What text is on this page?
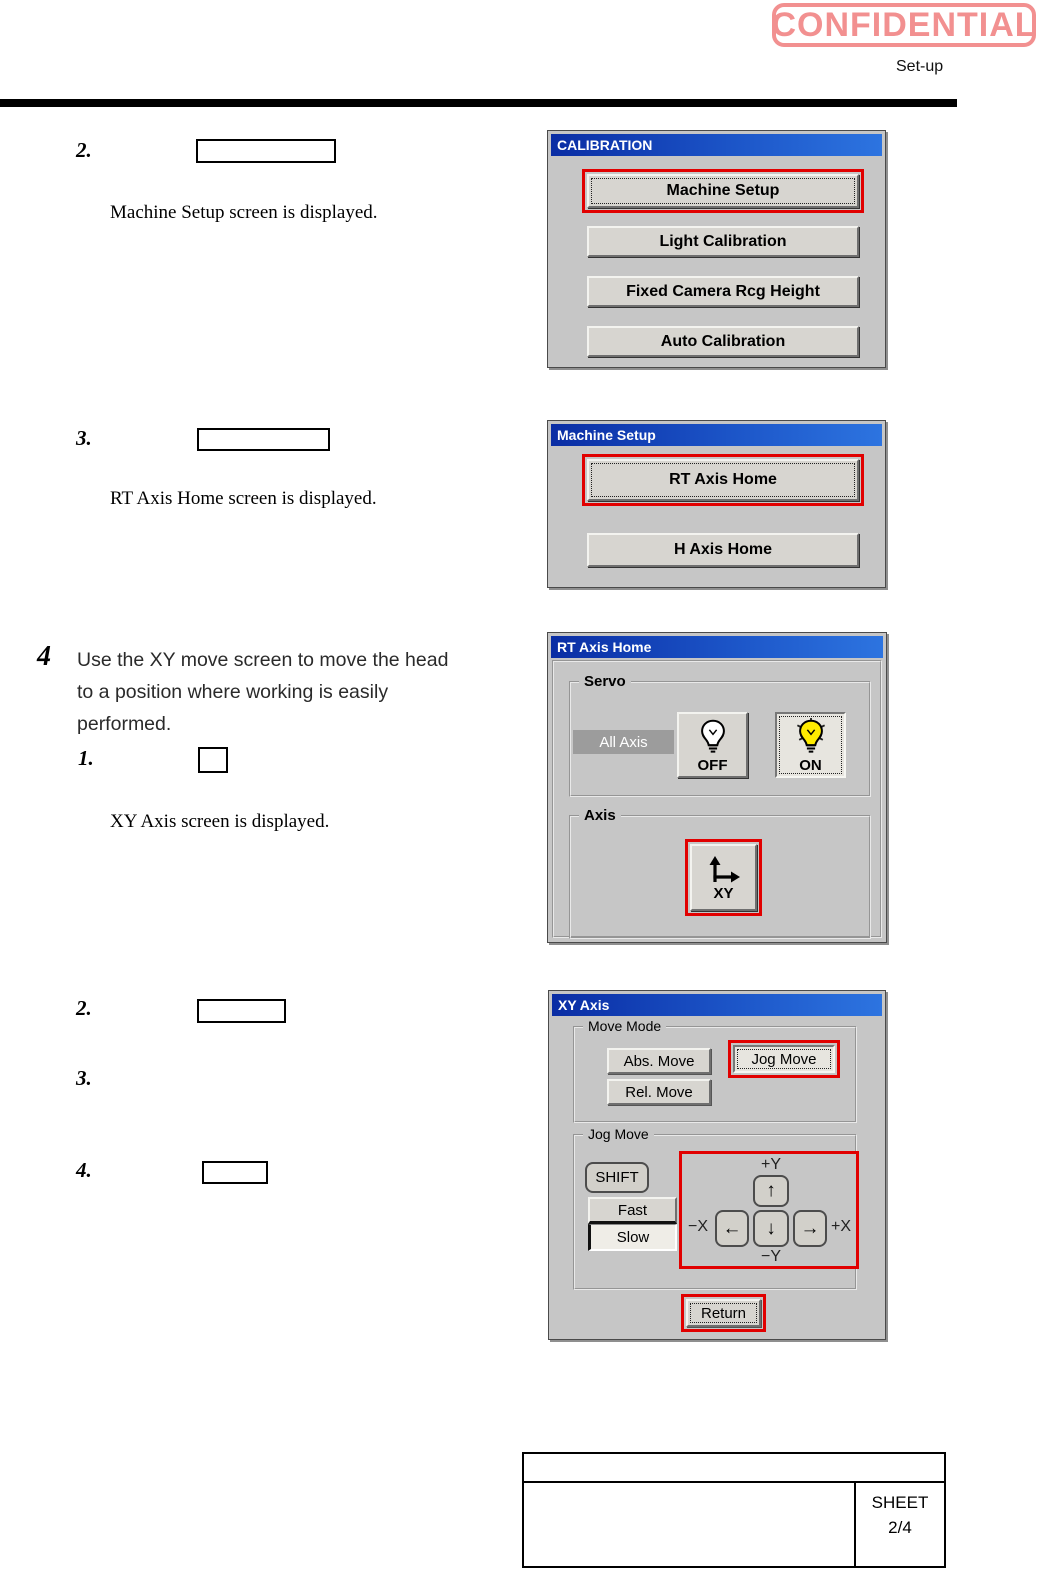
CONFIDENTIAL
Set-up
2.
Machine Setup screen is displayed.
CALIBRATION
Machine Setup
Light Calibration
Fixed Camera Rcg Height
Auto Calibration
3.
RT Axis Home screen is displayed.
Machine Setup
RT Axis Home
H Axis Home
4 Use the XY move screen to move the head
to a position where working is easily
performed.
1.
XY Axis screen is displayed.
RT Axis Home
Servo
All Axis
OFF	ON
Axis
XY
2.
3.
4.
XY Axis
Move Mode
Abs. Move
Rel. Move
Jog Move
Jog Move
SHIFT
Fast
Slow
+Y
↑
−X ←	↓	→ +X
−Y
Return
SHEET
2/4
